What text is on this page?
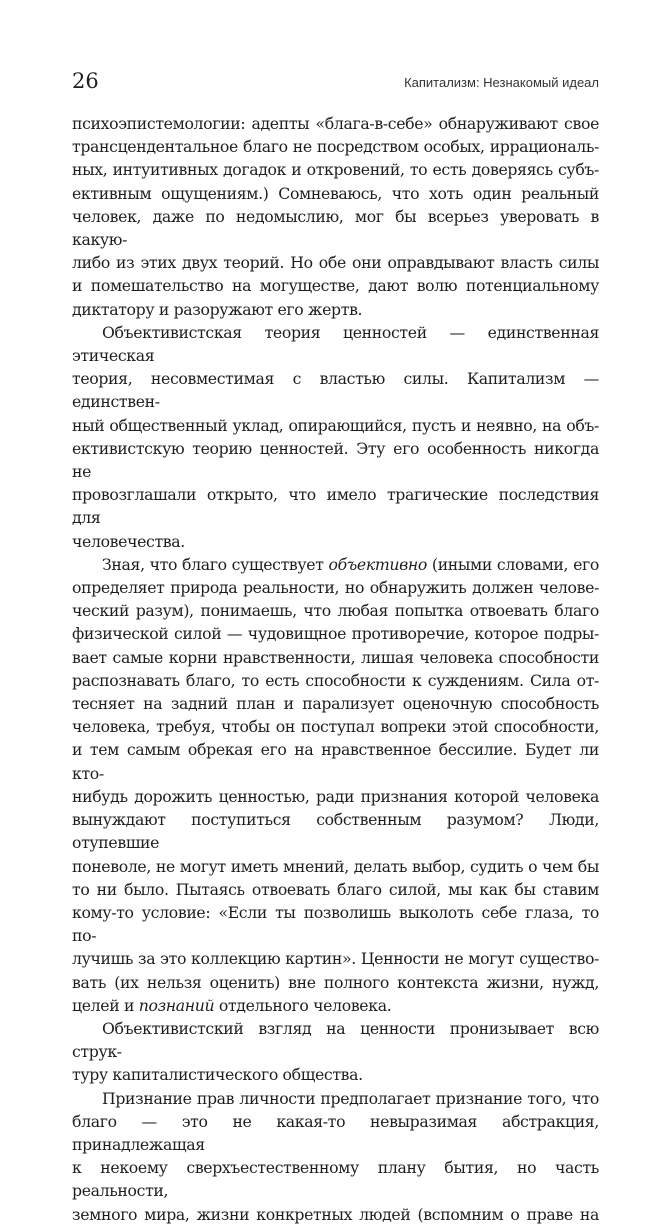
26	Капитализм: Незнакомый идеал
психоэпистемологии: адепты «блага-в-себе» обнаруживают свое
трансцендентальное благо не посредством особых, иррациональ-
ных, интуитивных догадок и откровений, то есть доверяясь субъ-
ективным ощущениям.) Сомневаюсь, что хоть один реальный
человек, даже по недомыслию, мог бы всерьез уверовать в какую-
либо из этих двух теорий. Но обе они оправдывают власть силы
и помешательство на могуществе, дают волю потенциальному
диктатору и разоружают его жертв.
Объективистская теория ценностей — единственная этическая
теория, несовместимая с властью силы. Капитализм — единствен-
ный общественный уклад, опирающийся, пусть и неявно, на объ-
ективистскую теорию ценностей. Эту его особенность никогда не
провозглашали открыто, что имело трагические последствия для
человечества.
Зная, что благо существует объективно (иными словами, его
определяет природа реальности, но обнаружить должен челове-
ческий разум), понимаешь, что любая попытка отвоевать благо
физической силой — чудовищное противоречие, которое подры-
вает самые корни нравственности, лишая человека способности
распознавать благо, то есть способности к суждениям. Сила от-
тесняет на задний план и парализует оценочную способность
человека, требуя, чтобы он поступал вопреки этой способности,
и тем самым обрекая его на нравственное бессилие. Будет ли кто-
нибудь дорожить ценностью, ради признания которой человека
вынуждают поступиться собственным разумом? Люди, отупевшие
поневоле, не могут иметь мнений, делать выбор, судить о чем бы
то ни было. Пытаясь отвоевать благо силой, мы как бы ставим
кому-то условие: «Если ты позволишь выколоть себе глаза, то по-
лучишь за это коллекцию картин». Ценности не могут существо-
вать (их нельзя оценить) вне полного контекста жизни, нужд,
целей и познаний отдельного человека.
Объективистский взгляд на ценности пронизывает всю струк-
туру капиталистического общества.
Признание прав личности предполагает признание того, что
благо — это не какая-то невыразимая абстракция, принадлежащая
к некоему сверхъестественному плану бытия, но часть реальности,
земного мира, жизни конкретных людей (вспомним о праве на
